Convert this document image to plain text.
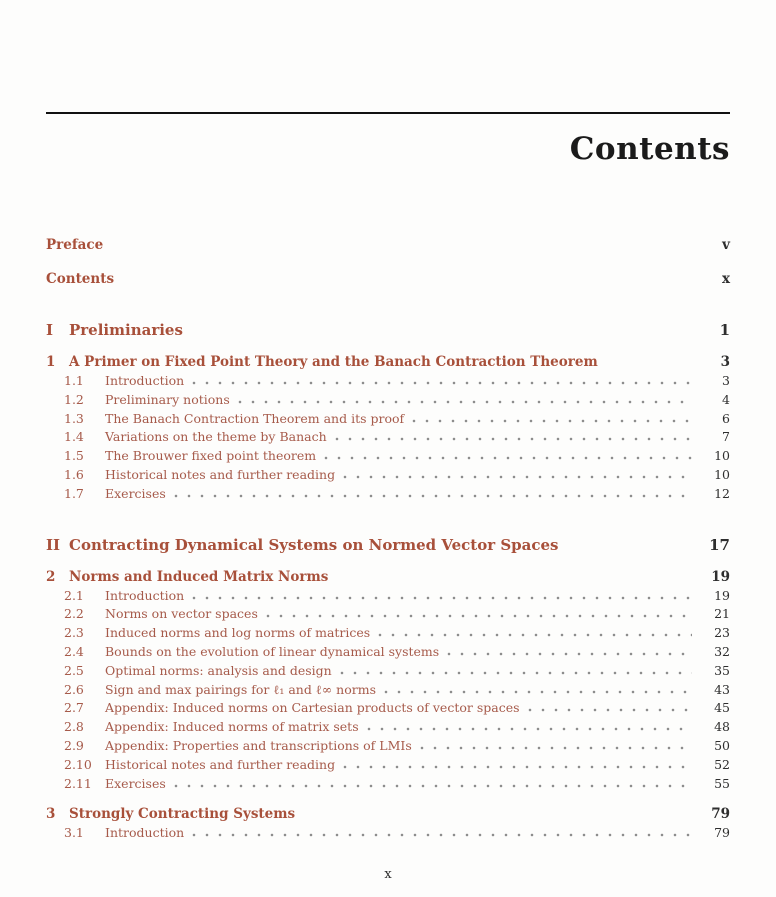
Contents
Preface	v
Contents	x
I	Preliminaries	1
1	A Primer on Fixed Point Theory and the Banach Contraction Theorem	3
1.1	Introduction	3
1.2	Preliminary notions	4
1.3	The Banach Contraction Theorem and its proof	6
1.4	Variations on the theme by Banach	7
1.5	The Brouwer fixed point theorem	10
1.6	Historical notes and further reading	10
1.7	Exercises	12
II Contracting Dynamical Systems on Normed Vector Spaces	17
2	Norms and Induced Matrix Norms	19
2.1	Introduction	19
2.2	Norms on vector spaces	21
2.3	Induced norms and log norms of matrices	23
2.4	Bounds on the evolution of linear dynamical systems	32
2.5	Optimal norms: analysis and design	35
2.6	Sign and max pairings for ℓ₁ and ℓ∞ norms	43
2.7	Appendix: Induced norms on Cartesian products of vector spaces	45
2.8	Appendix: Induced norms of matrix sets	48
2.9	Appendix: Properties and transcriptions of LMIs	50
2.10	Historical notes and further reading	52
2.11	Exercises	55
3	Strongly Contracting Systems	79
3.1	Introduction	79
x
